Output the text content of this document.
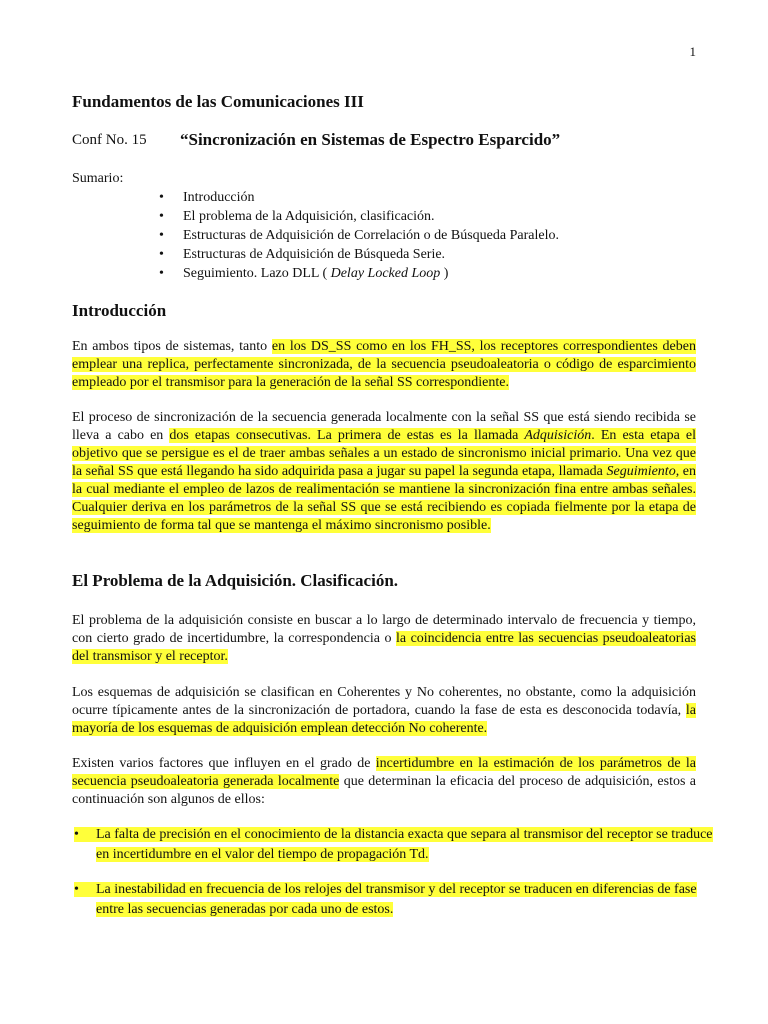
1
Fundamentos de las Comunicaciones III
Conf No. 15 “Sincronización en Sistemas de Espectro Esparcido”
Sumario:
• Introducción
• El problema de la Adquisición, clasificación.
• Estructuras de Adquisición de Correlación o de Búsqueda Paralelo.
• Estructuras de Adquisición de Búsqueda Serie.
• Seguimiento. Lazo DLL ( Delay Locked Loop )
Introducción

En ambos tipos de sistemas, tanto en los DS_SS como en los FH_SS, los receptores correspondientes deben emplear una replica, perfectamente sincronizada, de la secuencia pseudoaleatoria o código de esparcimiento empleado por el transmisor para la generación de la señal SS correspondiente.

El proceso de sincronización de la secuencia generada localmente con la señal SS que está siendo recibida se lleva a cabo en dos etapas consecutivas. La primera de estas es la llamada Adquisición. En esta etapa el objetivo que se persigue es el de traer ambas señales a un estado de sincronismo inicial primario. Una vez que la señal SS que está llegando ha sido adquirida pasa a jugar su papel la segunda etapa, llamada Seguimiento, en la cual mediante el empleo de lazos de realimentación se mantiene la sincronización fina entre ambas señales. Cualquier deriva en los parámetros de la señal SS que se está recibiendo es copiada fielmente por la etapa de seguimiento de forma tal que se mantenga el máximo sincronismo posible.

El Problema de la Adquisición. Clasificación.

El problema de la adquisición consiste en buscar a lo largo de determinado intervalo de frecuencia y tiempo, con cierto grado de incertidumbre, la correspondencia o la coincidencia entre las secuencias pseudoaleatorias del transmisor y el receptor.

Los esquemas de adquisición se clasifican en Coherentes y No coherentes, no obstante, como la adquisición ocurre típicamente antes de la sincronización de portadora, cuando la fase de esta es desconocida todavía, la mayoría de los esquemas de adquisición emplean detección No coherente.

Existen varios factores que influyen en el grado de incertidumbre en la estimación de los parámetros de la secuencia pseudoaleatoria generada localmente que determinan la eficacia del proceso de adquisición, estos a continuación son algunos de ellos:

• La falta de precisión en el conocimiento de la distancia exacta que separa al transmisor del receptor se traduce en incertidumbre en el valor del tiempo de propagación Td.

• La inestabilidad en frecuencia de los relojes del transmisor y del receptor se traducen en diferencias de fase entre las secuencias generadas por cada uno de estos.
